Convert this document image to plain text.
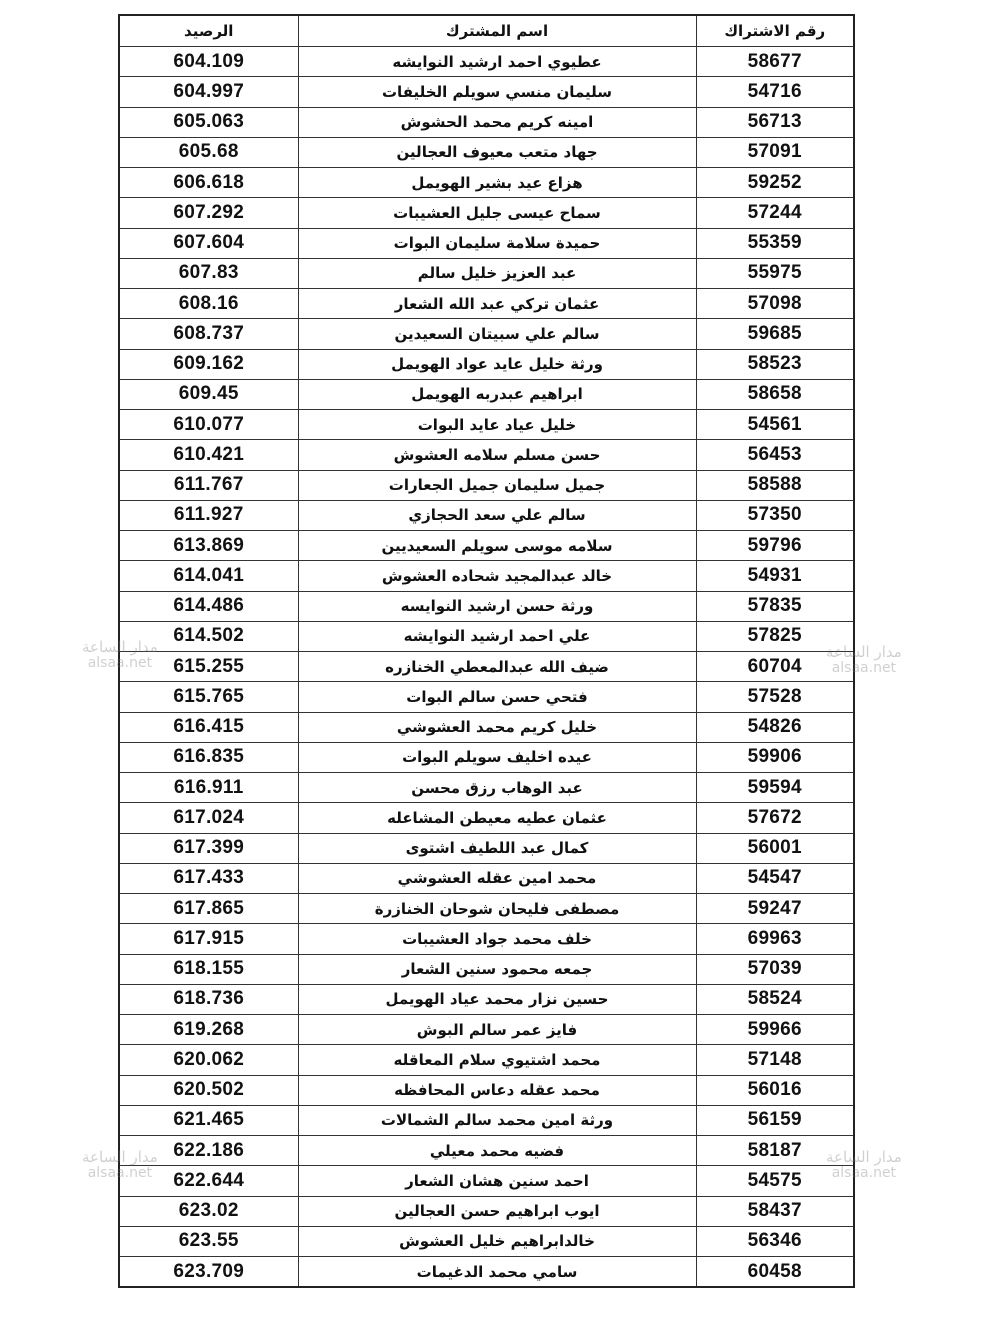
الرصيد	اسم المشترك	رقم الاشتراك
604.109	عطيوي احمد ارشيد النوايشه	58677
604.997	سليمان منسي سويلم الخليفات	54716
605.063	امينه كريم محمد الحشوش	56713
605.68	جهاد متعب معيوف العجالين	57091
606.618	هزاع عيد بشير الهويمل	59252
607.292	سماح عيسى جليل العشيبات	57244
607.604	حميدة سلامة سليمان البوات	55359
607.83	عبد العزيز خليل سالم	55975
608.16	عثمان تركي عبد الله الشعار	57098
608.737	سالم علي سبيتان السعيدين	59685
609.162	ورثة خليل عايد عواد الهويمل	58523
609.45	ابراهيم عبدربه الهويمل	58658
610.077	خليل عياد عايد البوات	54561
610.421	حسن مسلم سلامه العشوش	56453
611.767	جميل سليمان جميل الجعارات	58588
611.927	سالم علي سعد الحجازي	57350
613.869	سلامه موسى سويلم السعيديين	59796
614.041	خالد عبدالمجيد شحاده العشوش	54931
614.486	ورثة حسن ارشيد النوايسه	57835
614.502	علي احمد ارشيد النوايشه	57825
615.255	ضيف الله عبدالمعطي الخنازره	60704
615.765	فتحي حسن سالم البوات	57528
616.415	خليل كريم محمد العشوشي	54826
616.835	عيده اخليف سويلم البوات	59906
616.911	عبد الوهاب رزق محسن	59594
617.024	عثمان عطيه معيطن المشاعله	57672
617.399	كمال عبد اللطيف اشتوى	56001
617.433	محمد امين عقله العشوشي	54547
617.865	مصطفى فليحان شوحان الخنازرة	59247
617.915	خلف محمد جواد العشيبات	69963
618.155	جمعه محمود سنين الشعار	57039
618.736	حسين نزار محمد عياد الهويمل	58524
619.268	فايز عمر سالم البوش	59966
620.062	محمد اشتيوي سلام المعاقله	57148
620.502	محمد عقله دعاس المحافظه	56016
621.465	ورثة امين محمد سالم الشمالات	56159
622.186	فضيه محمد معيلي	58187
622.644	احمد سنين هشان الشعار	54575
623.02	ايوب ابراهيم حسن العجالين	58437
623.55	خالدابراهيم خليل العشوش	56346
623.709	سامي محمد الدغيمات	60458
مدار الساعة
alsaa.net
مدار الساعة
alsaa.net
مدار الساعة
alsaa.net
مدار الساعة
alsaa.net
